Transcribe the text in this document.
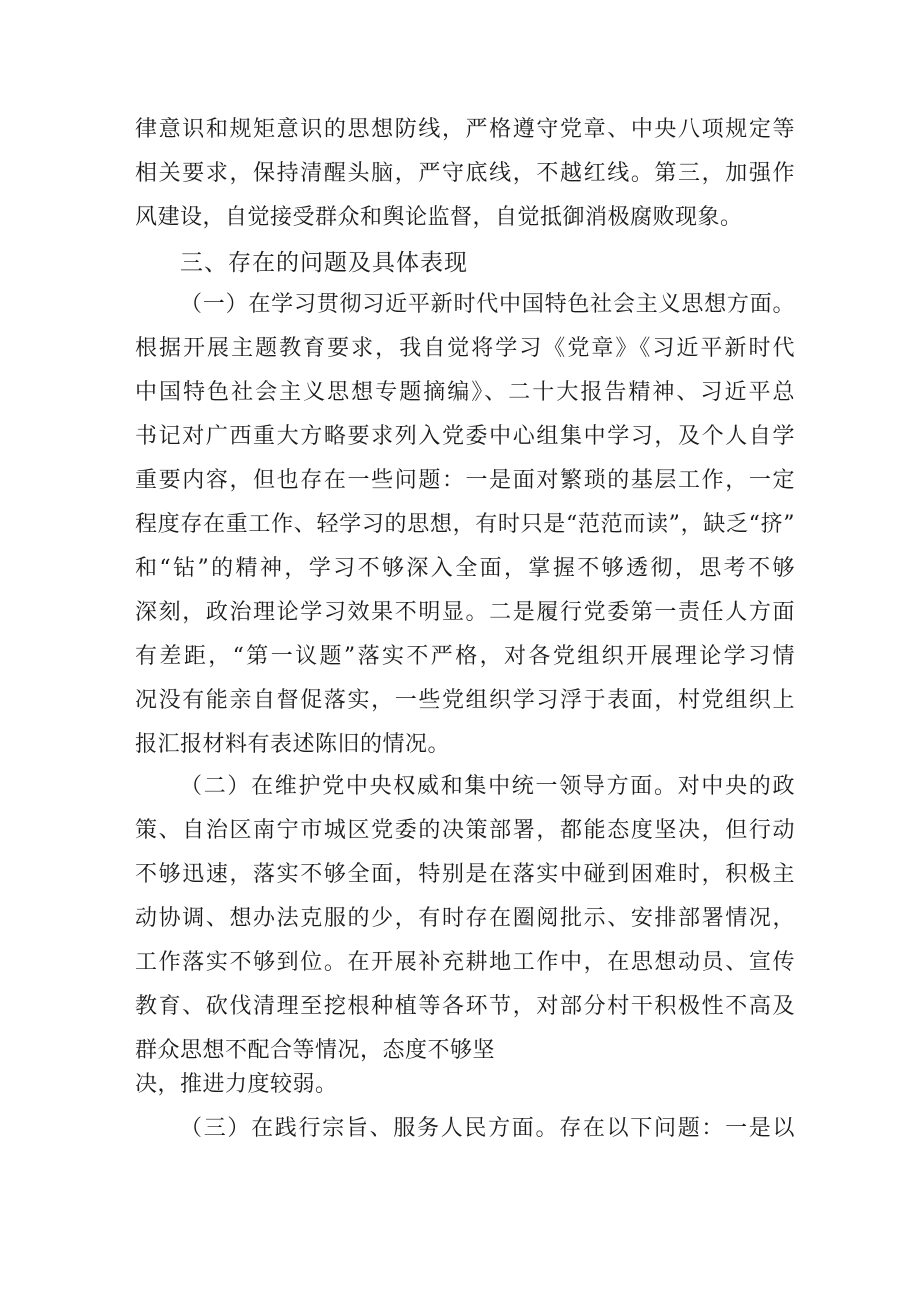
律意识和规矩意识的思想防线，严格遵守党章、中央八项规定等
相关要求，保持清醒头脑，严守底线，不越红线。第三，加强作
风建设，自觉接受群众和舆论监督，自觉抵御消极腐败现象。
三、存在的问题及具体表现
（一）在学习贯彻习近平新时代中国特色社会主义思想方面。
根据开展主题教育要求，我自觉将学习《党章》《习近平新时代
中国特色社会主义思想专题摘编》、二十大报告精神、习近平总
书记对广西重大方略要求列入党委中心组集中学习，及个人自学
重要内容，但也存在一些问题：一是面对繁琐的基层工作，一定
程度存在重工作、轻学习的思想，有时只是“范范而读”，缺乏“挤”
和“钻”的精神，学习不够深入全面，掌握不够透彻，思考不够
深刻，政治理论学习效果不明显。二是履行党委第一责任人方面
有差距，“第一议题”落实不严格，对各党组织开展理论学习情
况没有能亲自督促落实，一些党组织学习浮于表面，村党组织上
报汇报材料有表述陈旧的情况。
（二）在维护党中央权威和集中统一领导方面。对中央的政
策、自治区南宁市城区党委的决策部署，都能态度坚决，但行动
不够迅速，落实不够全面，特别是在落实中碰到困难时，积极主
动协调、想办法克服的少，有时存在圈阅批示、安排部署情况，
工作落实不够到位。在开展补充耕地工作中，在思想动员、宣传
教育、砍伐清理至挖根种植等各环节，对部分村干积极性不高及
群众思想不配合等情况，态度不够坚
决，推进力度较弱。
（三）在践行宗旨、服务人民方面。存在以下问题：一是以
